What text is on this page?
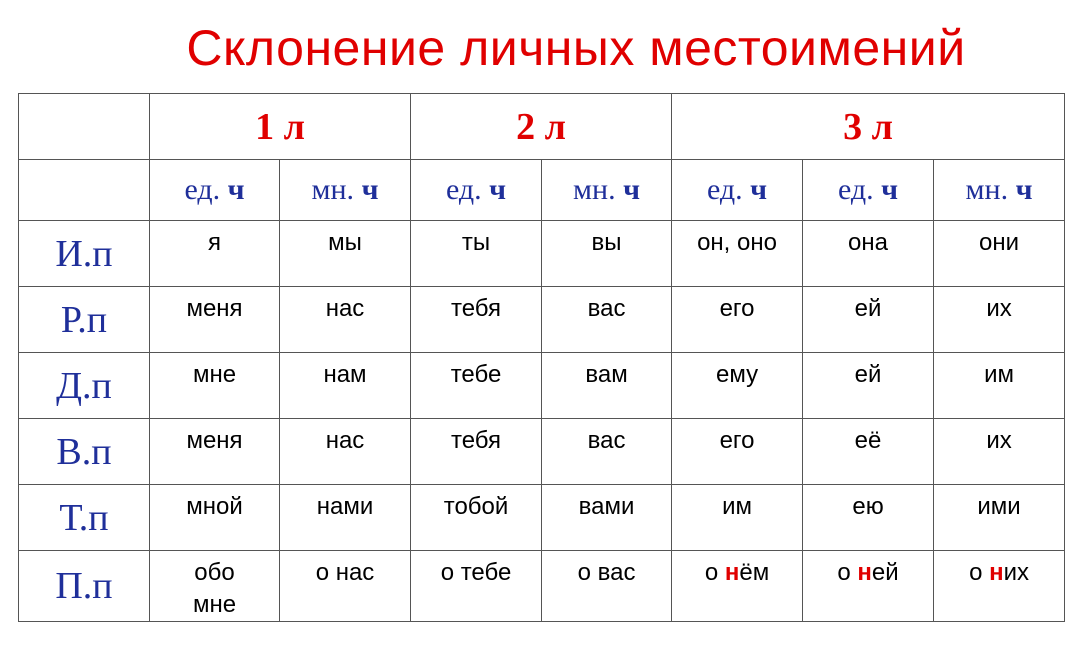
Склонение личных местоимений
	1 л		2 л		3 л		
	ед. ч	мн. ч	ед. ч	мн. ч	ед. ч	ед. ч	мн. ч
И.п	я	мы	ты	вы	он, оно	она	они
Р.п	меня	нас	тебя	вас	его	ей	их
Д.п	мне	нам	тебе	вам	ему	ей	им
В.п	меня	нас	тебя	вас	его	её	их
Т.п	мной	нами	тобой	вами	им	ею	ими
П.п	обо мне	о нас	о тебе	о вас	о нём	о ней	о них
